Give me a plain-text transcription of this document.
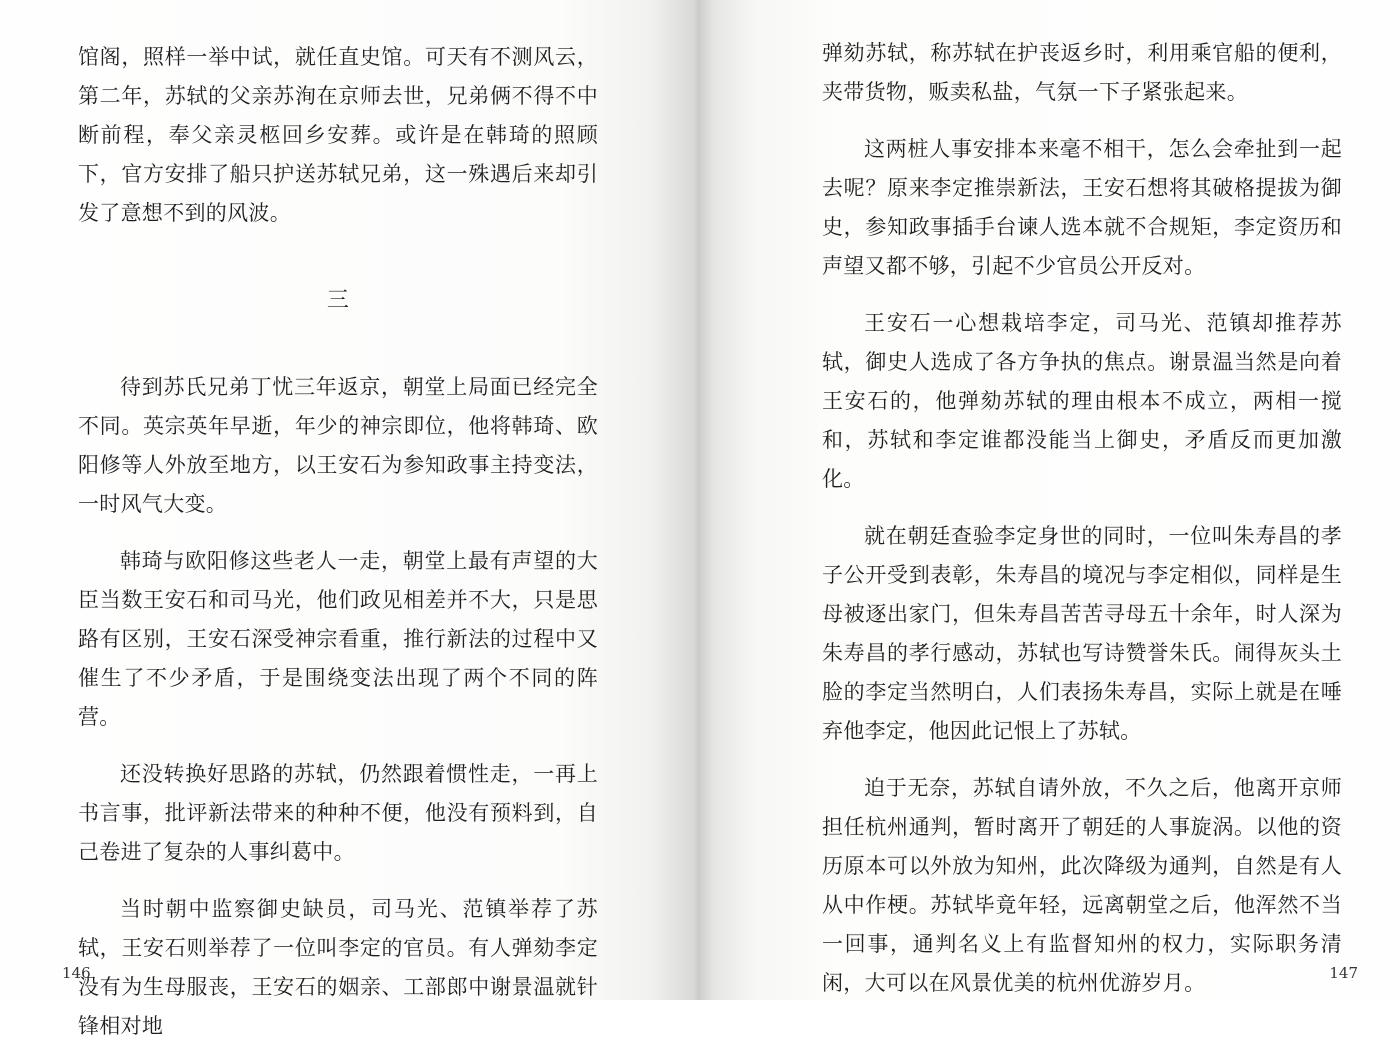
馆阁，照样一举中试，就任直史馆。可天有不测风云，第二年，苏轼的父亲苏洵在京师去世，兄弟俩不得不中断前程，奉父亲灵柩回乡安葬。或许是在韩琦的照顾下，官方安排了船只护送苏轼兄弟，这一殊遇后来却引发了意想不到的风波。

三

待到苏氏兄弟丁忧三年返京，朝堂上局面已经完全不同。英宗英年早逝，年少的神宗即位，他将韩琦、欧阳修等人外放至地方，以王安石为参知政事主持变法，一时风气大变。

韩琦与欧阳修这些老人一走，朝堂上最有声望的大臣当数王安石和司马光，他们政见相差并不大，只是思路有区别，王安石深受神宗看重，推行新法的过程中又催生了不少矛盾，于是围绕变法出现了两个不同的阵营。

还没转换好思路的苏轼，仍然跟着惯性走，一再上书言事，批评新法带来的种种不便，他没有预料到，自己卷进了复杂的人事纠葛中。

当时朝中监察御史缺员，司马光、范镇举荐了苏轼，王安石则举荐了一位叫李定的官员。有人弹劾李定没有为生母服丧，王安石的姻亲、工部郎中谢景温就针锋相对地

146

弹劾苏轼，称苏轼在护丧返乡时，利用乘官船的便利，夹带货物，贩卖私盐，气氛一下子紧张起来。

这两桩人事安排本来毫不相干，怎么会牵扯到一起去呢？原来李定推崇新法，王安石想将其破格提拔为御史，参知政事插手台谏人选本就不合规矩，李定资历和声望又都不够，引起不少官员公开反对。

王安石一心想栽培李定，司马光、范镇却推荐苏轼，御史人选成了各方争执的焦点。谢景温当然是向着王安石的，他弹劾苏轼的理由根本不成立，两相一搅和，苏轼和李定谁都没能当上御史，矛盾反而更加激化。

就在朝廷查验李定身世的同时，一位叫朱寿昌的孝子公开受到表彰，朱寿昌的境况与李定相似，同样是生母被逐出家门，但朱寿昌苦苦寻母五十余年，时人深为朱寿昌的孝行感动，苏轼也写诗赞誉朱氏。闹得灰头土脸的李定当然明白，人们表扬朱寿昌，实际上就是在唾弃他李定，他因此记恨上了苏轼。

迫于无奈，苏轼自请外放，不久之后，他离开京师担任杭州通判，暂时离开了朝廷的人事旋涡。以他的资历原本可以外放为知州，此次降级为通判，自然是有人从中作梗。苏轼毕竟年轻，远离朝堂之后，他浑然不当一回事，通判名义上有监督知州的权力，实际职务清闲，大可以在风景优美的杭州优游岁月。	147
